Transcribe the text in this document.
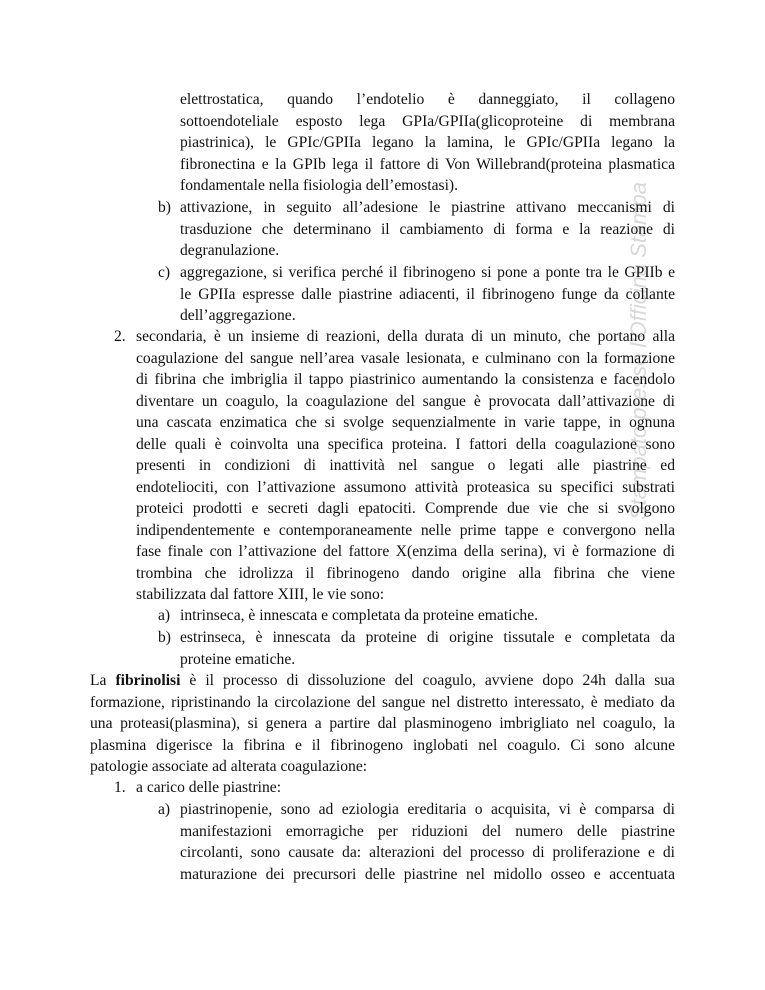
Stampato presso l'Officina Stampa
elettrostatica, quando l’endotelio è danneggiato, il collageno
sottoendoteliale esposto lega GPIa/GPIIa(glicoproteine di membrana
piastrinica), le GPIc/GPIIa legano la lamina, le GPIc/GPIIa legano la
fibronectina e la GPIb lega il fattore di Von Willebrand(proteina plasmatica
fondamentale nella fisiologia dell’emostasi).
b) attivazione, in seguito all’adesione le piastrine attivano meccanismi di
trasduzione che determinano il cambiamento di forma e la reazione di
degranulazione.
c) aggregazione, si verifica perché il fibrinogeno si pone a ponte tra le GPIIb e
le GPIIa espresse dalle piastrine adiacenti, il fibrinogeno funge da collante
dell’aggregazione.
2. secondaria, è un insieme di reazioni, della durata di un minuto, che portano alla
coagulazione del sangue nell’area vasale lesionata, e culminano con la formazione
di fibrina che imbriglia il tappo piastrinico aumentando la consistenza e facendolo
diventare un coagulo, la coagulazione del sangue è provocata dall’attivazione di
una cascata enzimatica che si svolge sequenzialmente in varie tappe, in ognuna
delle quali è coinvolta una specifica proteina. I fattori della coagulazione sono
presenti in condizioni di inattività nel sangue o legati alle piastrine ed
endoteliociti, con l’attivazione assumono attività proteasica su specifici substrati
proteici prodotti e secreti dagli epatociti. Comprende due vie che si svolgono
indipendentemente e contemporaneamente nelle prime tappe e convergono nella
fase finale con l’attivazione del fattore X(enzima della serina), vi è formazione di
trombina che idrolizza il fibrinogeno dando origine alla fibrina che viene
stabilizzata dal fattore XIII, le vie sono:
a) intrinseca, è innescata e completata da proteine ematiche.
b) estrinseca, è innescata da proteine di origine tissutale e completata da
proteine ematiche.
La fibrinolisi è il processo di dissoluzione del coagulo, avviene dopo 24h dalla sua
formazione, ripristinando la circolazione del sangue nel distretto interessato, è mediato da
una proteasi(plasmina), si genera a partire dal plasminogeno imbrigliato nel coagulo, la
plasmina digerisce la fibrina e il fibrinogeno inglobati nel coagulo. Ci sono alcune
patologie associate ad alterata coagulazione:
1. a carico delle piastrine:
a) piastrinopenie, sono ad eziologia ereditaria o acquisita, vi è comparsa di
manifestazioni emorragiche per riduzioni del numero delle piastrine
circolanti, sono causate da: alterazioni del processo di proliferazione e di
maturazione dei precursori delle piastrine nel midollo osseo e accentuata
